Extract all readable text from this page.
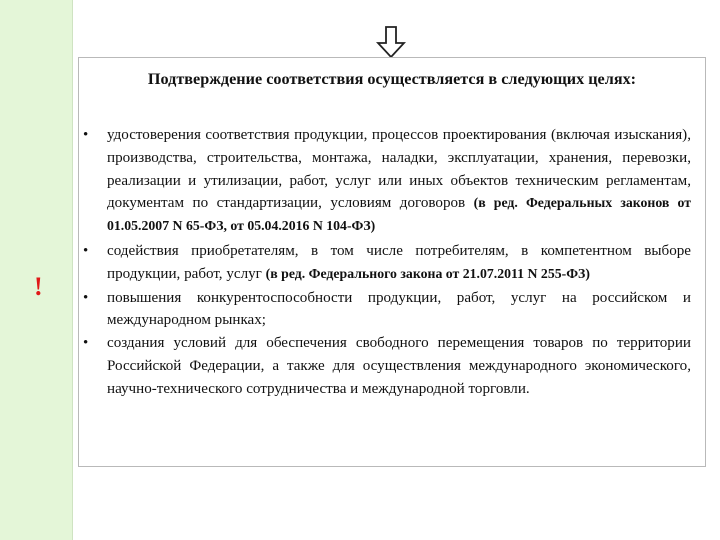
Подтверждение соответствия осуществляется в следующих целях:
!
•	удостоверения соответствия продукции, процессов проектирования (включая изыскания), производства, строительства, монтажа, наладки, эксплуатации, хранения, перевозки, реализации и утилизации, работ, услуг или иных объектов техническим регламентам, документам по стандартизации, условиям договоров (в ред. Федеральных законов от 01.05.2007 N 65-ФЗ, от 05.04.2016 N 104-ФЗ)
•	содействия приобретателям, в том числе потребителям, в компетентном выборе продукции, работ, услуг (в ред. Федерального закона от 21.07.2011 N 255-ФЗ)
•	повышения конкурентоспособности продукции, работ, услуг на российском и международном рынках;
•	создания условий для обеспечения свободного перемещения товаров по территории Российской Федерации, а также для осуществления международного экономического, научно-технического сотрудничества и международной торговли.
